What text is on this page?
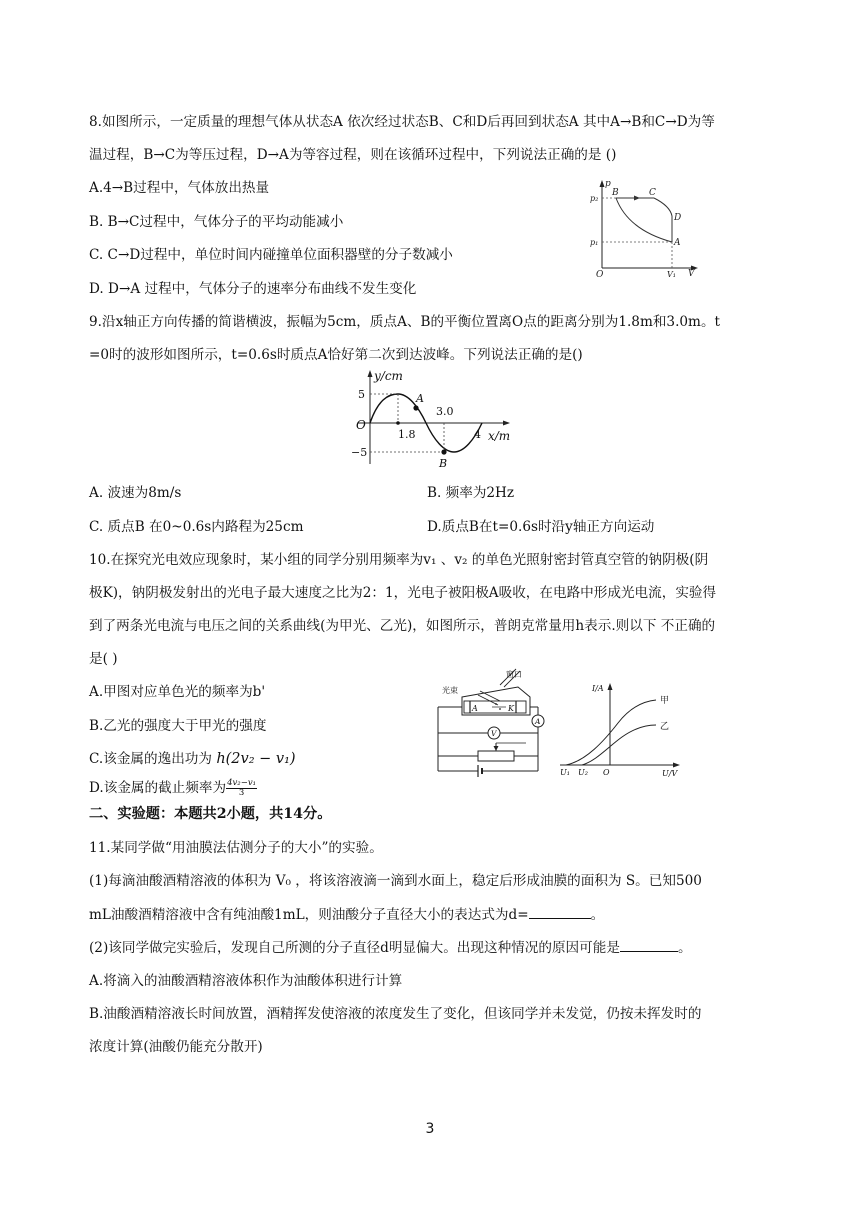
8.如图所示，一定质量的理想气体从状态A 依次经过状态B、C和D后再回到状态A 其中A→B和C→D为等
温过程，B→C为等压过程，D→A为等容过程，则在该循环过程中，下列说法正确的是 ()
A.4→B过程中，气体放出热量
B. B→C过程中，气体分子的平均动能减小
C. C→D过程中，单位时间内碰撞单位面积器壁的分子数减小
D. D→A 过程中，气体分子的速率分布曲线不发生变化
p
V
O
p₂
p₁
V₁
B	C
D
A
9.沿x轴正方向传播的简谐横波，振幅为5cm，质点A、B的平衡位置离O点的距离分别为1.8m和3.0m。t
=0时的波形如图所示，t=0.6s时质点A恰好第二次到达波峰。下列说法正确的是()
y/cm
x/m
O
5
−5
1.8
3.0
4
A
B
A. 波速为8m/s	B. 频率为2Hz
C. 质点B 在0~0.6s内路程为25cm	D.质点B在t=0.6s时沿y轴正方向运动
10.在探究光电效应现象时，某小组的同学分别用频率为v₁ 、v₂ 的单色光照射密封管真空管的钠阴极(阴
极K)，钠阴极发射出的光电子最大速度之比为2：1，光电子被阳极A吸收，在电路中形成光电流，实验得
到了两条光电流与电压之间的关系曲线(为甲光、乙光)，如图所示，普朗克常量用h表示.则以下 不正确的
是( )
A.甲图对应单色光的频率为b'
B.乙光的强度大于甲光的强度
C.该金属的逸出功为 h(2v₂ − v₁)
D.该金属的截止频率为 $\frac{\text{4v₂−v₁}}{3}$
窗口
光束
A	K
A
V
I/A
U/V
O
U₁ U₂
甲
乙
二、实验题：本题共2小题，共14分。
11.某同学做“用油膜法估测分子的大小”的实验。
(1)每滴油酸酒精溶液的体积为 V₀ ，将该溶液滴一滴到水面上，稳定后形成油膜的面积为 S。已知500
mL油酸酒精溶液中含有纯油酸1mL，则油酸分子直径大小的表达式为d=	。
(2)该同学做完实验后，发现自己所测的分子直径d明显偏大。出现这种情况的原因可能是	。
A.将滴入的油酸酒精溶液体积作为油酸体积进行计算
B.油酸酒精溶液长时间放置，酒精挥发使溶液的浓度发生了变化，但该同学并未发觉，仍按未挥发时的
浓度计算(油酸仍能充分散开)
3
